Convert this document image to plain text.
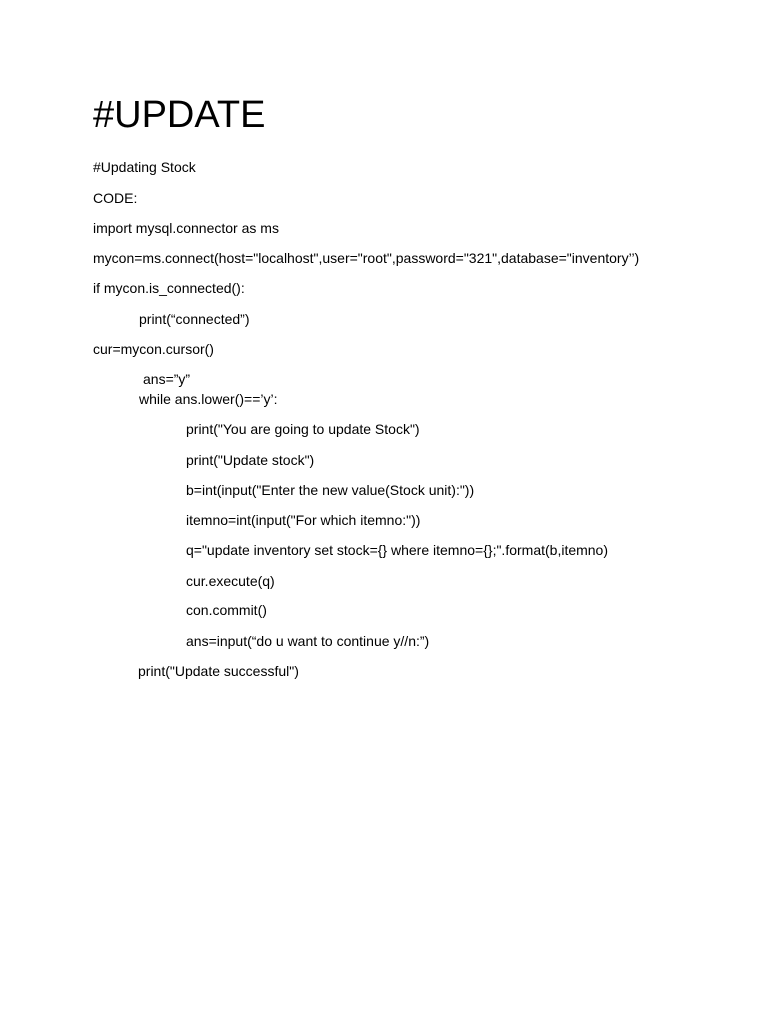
#UPDATE

#Updating Stock

CODE:

import mysql.connector as ms

mycon=ms.connect(host="localhost",user="root",password="321",database="inventory’’)

if mycon.is_connected():

print(“connected”)

cur=mycon.cursor()

ans=”y”

while ans.lower()==’y’:

print("You are going to update Stock")

print("Update stock")

b=int(input("Enter the new value(Stock unit):"))

itemno=int(input("For which itemno:"))

q="update inventory set stock={} where itemno={};".format(b,itemno)

cur.execute(q)

con.commit()

ans=input(“do u want to continue y//n:”)

print("Update successful")
